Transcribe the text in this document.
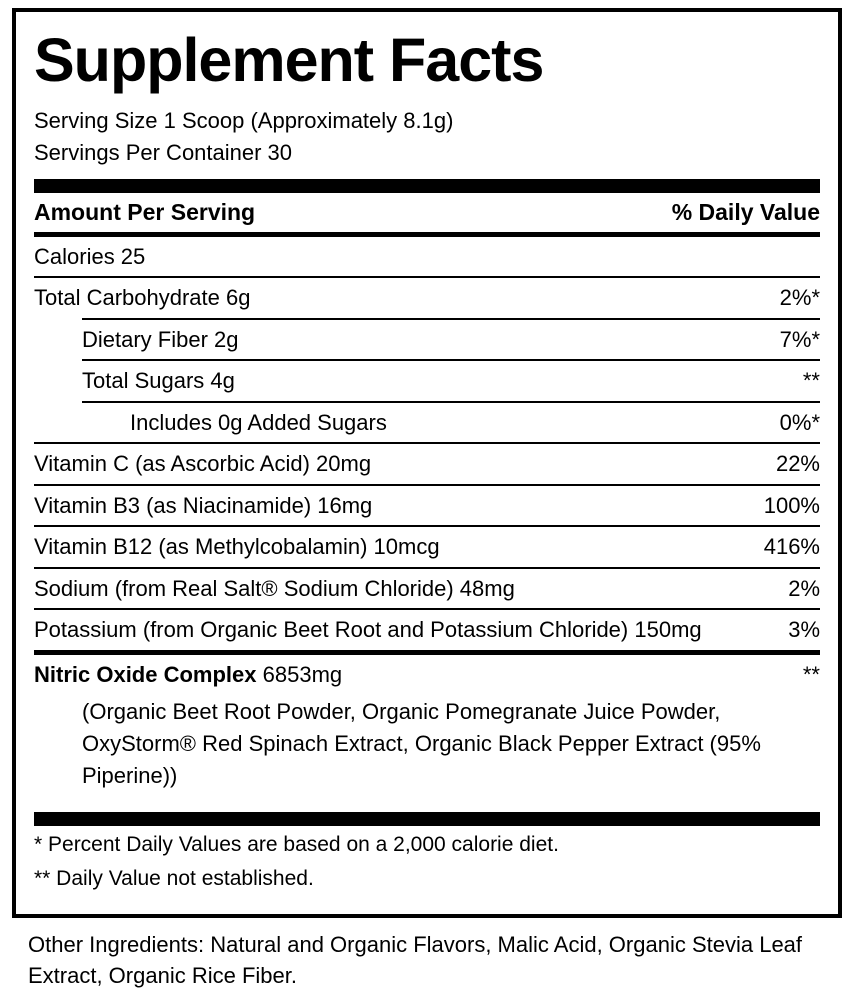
Supplement Facts
Serving Size 1 Scoop (Approximately 8.1g)
Servings Per Container 30
Amount Per Serving	% Daily Value
Calories 25
Total Carbohydrate 6g	2%*
Dietary Fiber 2g	7%*
Total Sugars 4g	**
Includes 0g Added Sugars	0%*
Vitamin C (as Ascorbic Acid) 20mg	22%
Vitamin B3 (as Niacinamide) 16mg	100%
Vitamin B12 (as Methylcobalamin) 10mcg	416%
Sodium (from Real Salt® Sodium Chloride) 48mg	2%
Potassium (from Organic Beet Root and Potassium Chloride) 150mg	3%
Nitric Oxide Complex 6853mg	**
(Organic Beet Root Powder, Organic Pomegranate Juice Powder, OxyStorm® Red Spinach Extract, Organic Black Pepper Extract (95% Piperine))
* Percent Daily Values are based on a 2,000 calorie diet.
** Daily Value not established.
Other Ingredients: Natural and Organic Flavors, Malic Acid, Organic Stevia Leaf Extract, Organic Rice Fiber.
